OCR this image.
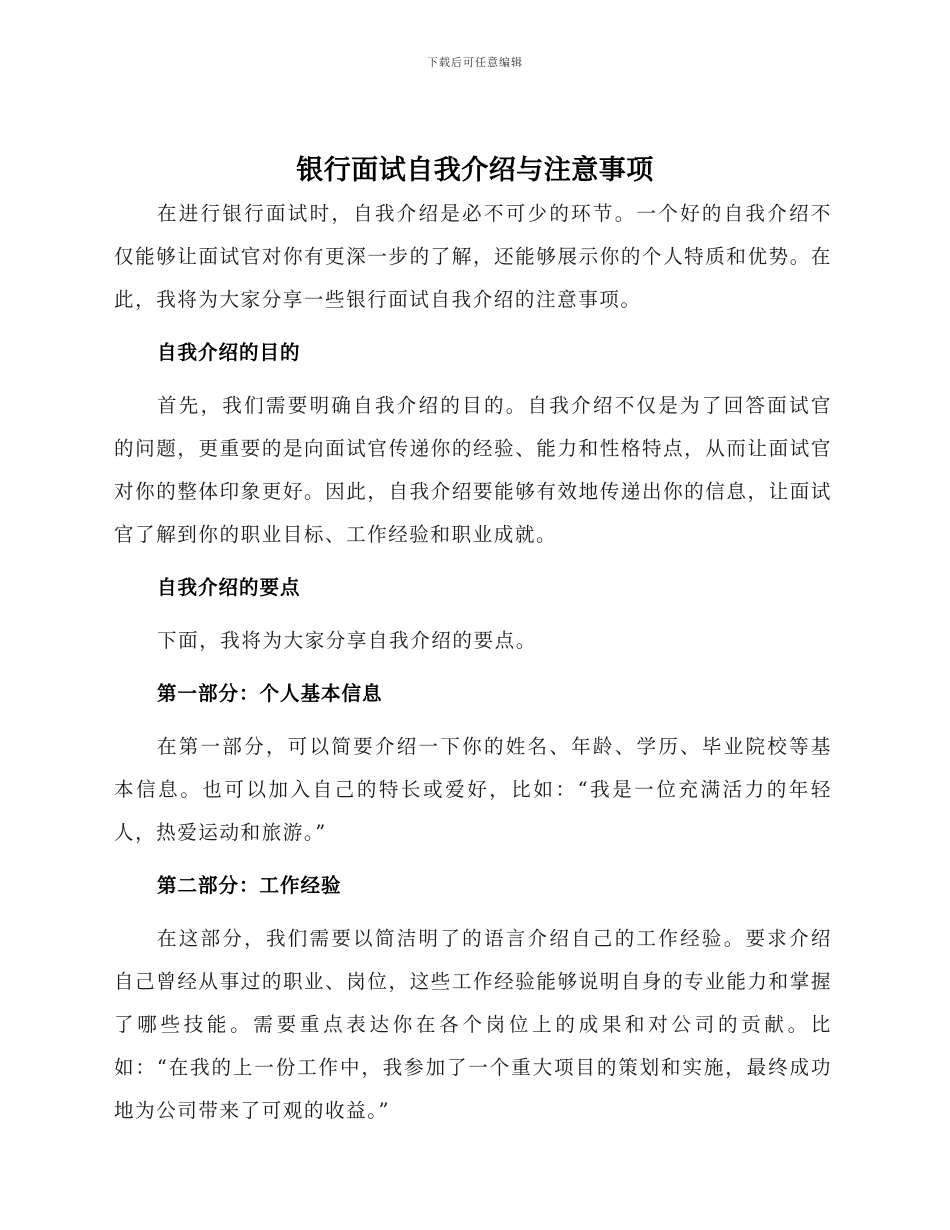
下载后可任意编辑
银行面试自我介绍与注意事项

在进行银行面试时，自我介绍是必不可少的环节。一个好的自我介绍不仅能够让面试官对你有更深一步的了解，还能够展示你的个人特质和优势。在此，我将为大家分享一些银行面试自我介绍的注意事项。

自我介绍的目的

首先，我们需要明确自我介绍的目的。自我介绍不仅是为了回答面试官的问题，更重要的是向面试官传递你的经验、能力和性格特点，从而让面试官对你的整体印象更好。因此，自我介绍要能够有效地传递出你的信息，让面试官了解到你的职业目标、工作经验和职业成就。

自我介绍的要点

下面，我将为大家分享自我介绍的要点。

第一部分：个人基本信息

在第一部分，可以简要介绍一下你的姓名、年龄、学历、毕业院校等基本信息。也可以加入自己的特长或爱好，比如：“我是一位充满活力的年轻人，热爱运动和旅游。”

第二部分：工作经验

在这部分，我们需要以简洁明了的语言介绍自己的工作经验。要求介绍自己曾经从事过的职业、岗位，这些工作经验能够说明自身的专业能力和掌握了哪些技能。需要重点表达你在各个岗位上的成果和对公司的贡献。比如：“在我的上一份工作中，我参加了一个重大项目的策划和实施，最终成功地为公司带来了可观的收益。”
